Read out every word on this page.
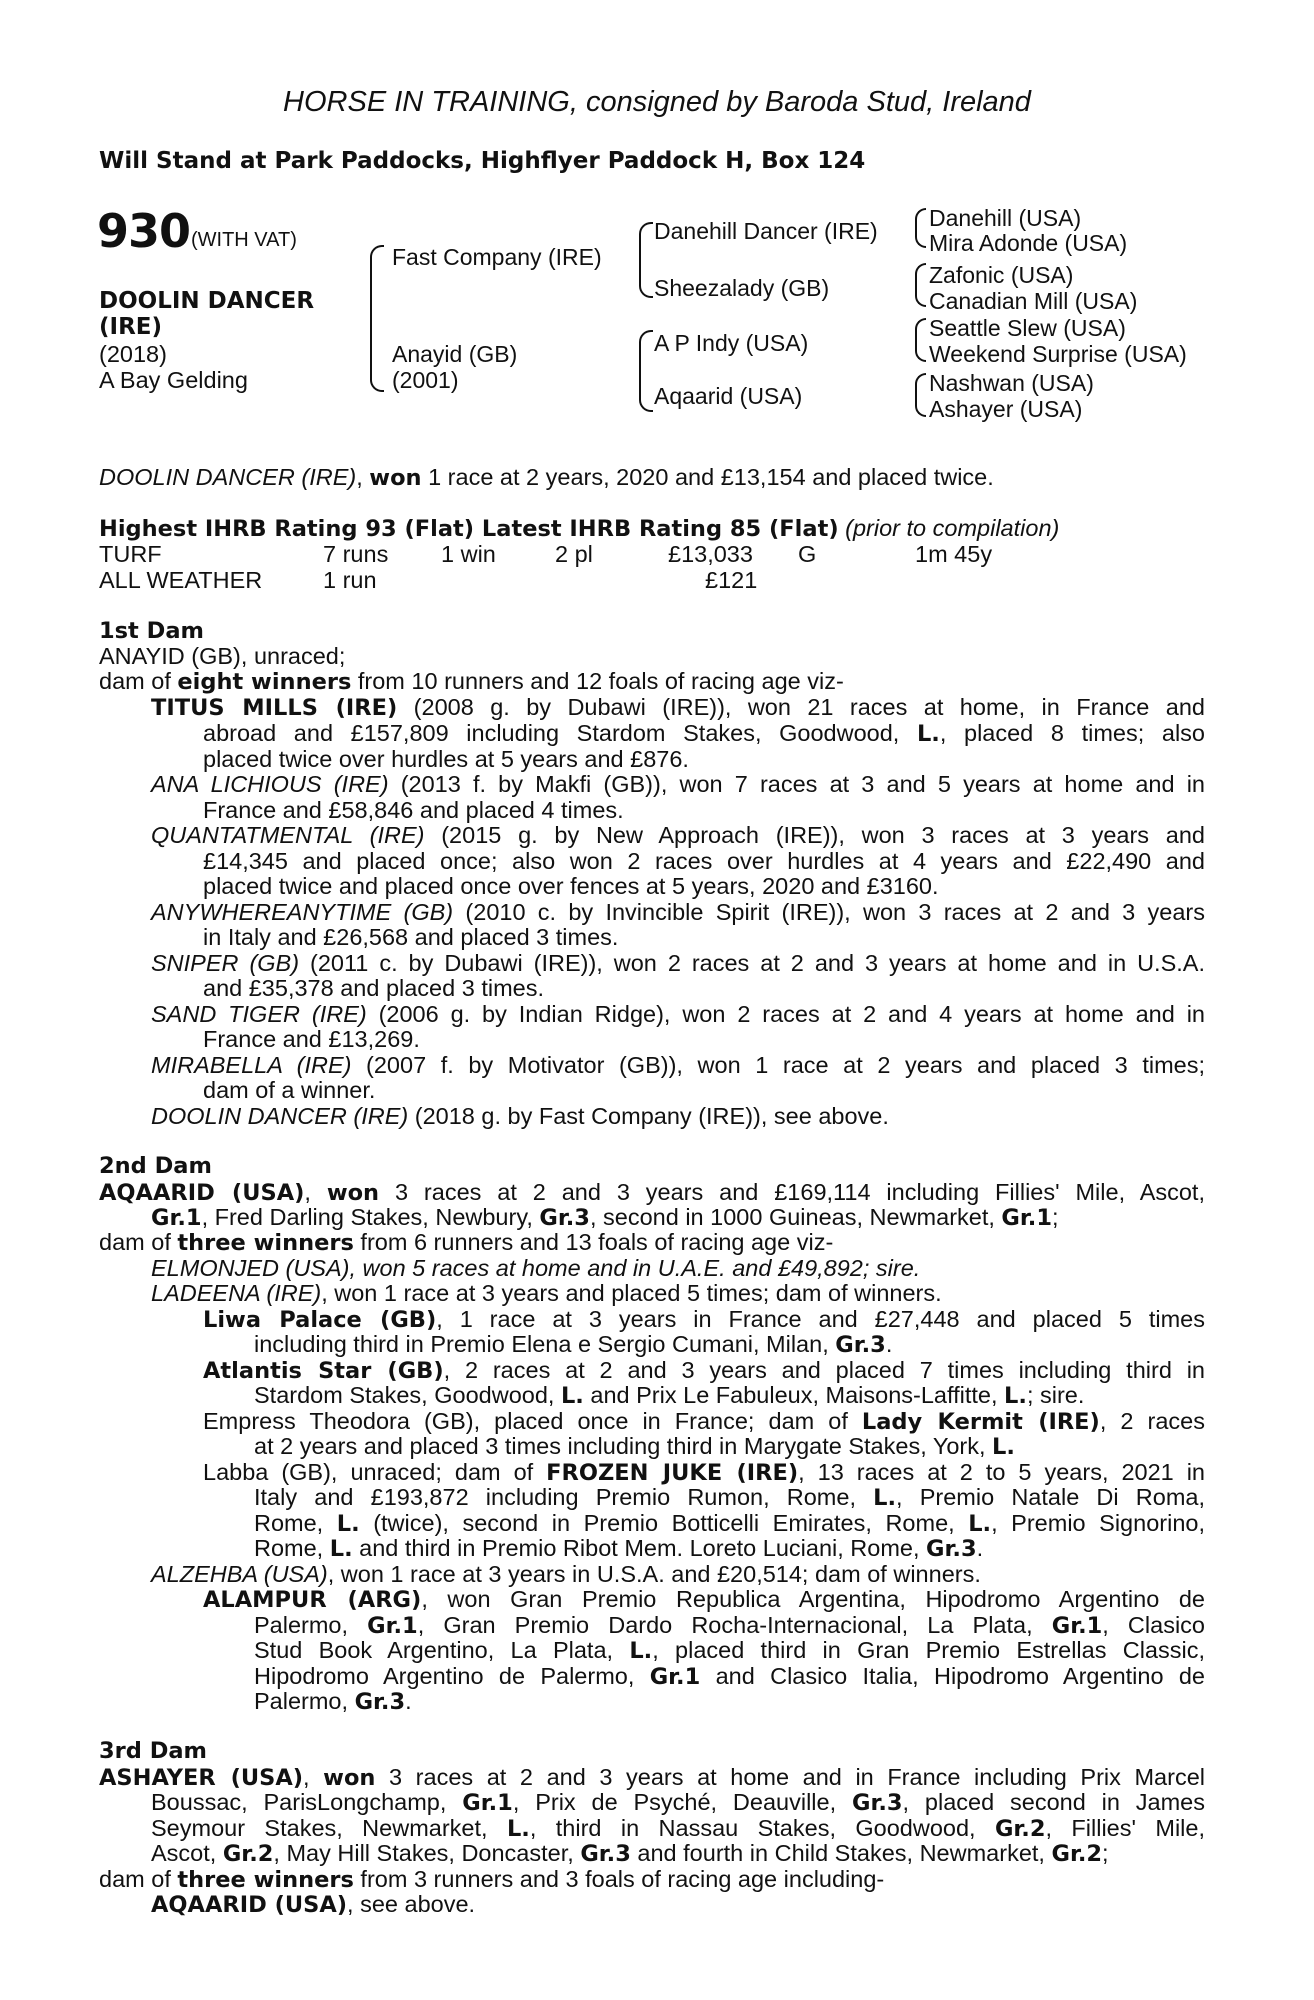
HORSE IN TRAINING, consigned by Baroda Stud, Ireland
Will Stand at Park Paddocks, Highflyer Paddock H, Box 124
930 (WITH VAT)
DOOLIN DANCER
(IRE)
(2018)
A Bay Gelding
Fast Company (IRE)
Anayid (GB)
(2001)
Danehill Dancer (IRE)
Sheezalady (GB)
A P Indy (USA)
Aqaarid (USA)
Danehill (USA)
Mira Adonde (USA)
Zafonic (USA)
Canadian Mill (USA)
Seattle Slew (USA)
Weekend Surprise (USA)
Nashwan (USA)
Ashayer (USA)
DOOLIN DANCER (IRE), won 1 race at 2 years, 2020 and £13,154 and placed twice.
Highest IHRB Rating 93 (Flat) Latest IHRB Rating 85 (Flat) (prior to compilation)
TURF	7 runs 1 win	2 pl	£13,033 G	1m 45y
ALL WEATHER	1 run	£121
1st Dam
ANAYID (GB), unraced;
dam of eight winners from 10 runners and 12 foals of racing age viz-
TITUS MILLS (IRE) (2008 g. by Dubawi (IRE)), won 21 races at home, in France and
abroad and £157,809 including Stardom Stakes, Goodwood, L., placed 8 times; also
placed twice over hurdles at 5 years and £876.
ANA LICHIOUS (IRE) (2013 f. by Makfi (GB)), won 7 races at 3 and 5 years at home and in
France and £58,846 and placed 4 times.
QUANTATMENTAL (IRE) (2015 g. by New Approach (IRE)), won 3 races at 3 years and
£14,345 and placed once; also won 2 races over hurdles at 4 years and £22,490 and
placed twice and placed once over fences at 5 years, 2020 and £3160.
ANYWHEREANYTIME (GB) (2010 c. by Invincible Spirit (IRE)), won 3 races at 2 and 3 years
in Italy and £26,568 and placed 3 times.
SNIPER (GB) (2011 c. by Dubawi (IRE)), won 2 races at 2 and 3 years at home and in U.S.A.
and £35,378 and placed 3 times.
SAND TIGER (IRE) (2006 g. by Indian Ridge), won 2 races at 2 and 4 years at home and in
France and £13,269.
MIRABELLA (IRE) (2007 f. by Motivator (GB)), won 1 race at 2 years and placed 3 times;
dam of a winner.
DOOLIN DANCER (IRE) (2018 g. by Fast Company (IRE)), see above.
2nd Dam
AQAARID (USA), won 3 races at 2 and 3 years and £169,114 including Fillies' Mile, Ascot,
Gr.1, Fred Darling Stakes, Newbury, Gr.3, second in 1000 Guineas, Newmarket, Gr.1;
dam of three winners from 6 runners and 13 foals of racing age viz-
ELMONJED (USA), won 5 races at home and in U.A.E. and £49,892; sire.
LADEENA (IRE), won 1 race at 3 years and placed 5 times; dam of winners.
Liwa Palace (GB), 1 race at 3 years in France and £27,448 and placed 5 times
including third in Premio Elena e Sergio Cumani, Milan, Gr.3.
Atlantis Star (GB), 2 races at 2 and 3 years and placed 7 times including third in
Stardom Stakes, Goodwood, L. and Prix Le Fabuleux, Maisons-Laffitte, L.; sire.
Empress Theodora (GB), placed once in France; dam of Lady Kermit (IRE), 2 races
at 2 years and placed 3 times including third in Marygate Stakes, York, L.
Labba (GB), unraced; dam of FROZEN JUKE (IRE), 13 races at 2 to 5 years, 2021 in
Italy and £193,872 including Premio Rumon, Rome, L., Premio Natale Di Roma,
Rome, L. (twice), second in Premio Botticelli Emirates, Rome, L., Premio Signorino,
Rome, L. and third in Premio Ribot Mem. Loreto Luciani, Rome, Gr.3.
ALZEHBA (USA), won 1 race at 3 years in U.S.A. and £20,514; dam of winners.
ALAMPUR (ARG), won Gran Premio Republica Argentina, Hipodromo Argentino de
Palermo, Gr.1, Gran Premio Dardo Rocha-Internacional, La Plata, Gr.1, Clasico
Stud Book Argentino, La Plata, L., placed third in Gran Premio Estrellas Classic,
Hipodromo Argentino de Palermo, Gr.1 and Clasico Italia, Hipodromo Argentino de
Palermo, Gr.3.
3rd Dam
ASHAYER (USA), won 3 races at 2 and 3 years at home and in France including Prix Marcel
Boussac, ParisLongchamp, Gr.1, Prix de Psyché, Deauville, Gr.3, placed second in James
Seymour Stakes, Newmarket, L., third in Nassau Stakes, Goodwood, Gr.2, Fillies' Mile,
Ascot, Gr.2, May Hill Stakes, Doncaster, Gr.3 and fourth in Child Stakes, Newmarket, Gr.2;
dam of three winners from 3 runners and 3 foals of racing age including-
AQAARID (USA), see above.
